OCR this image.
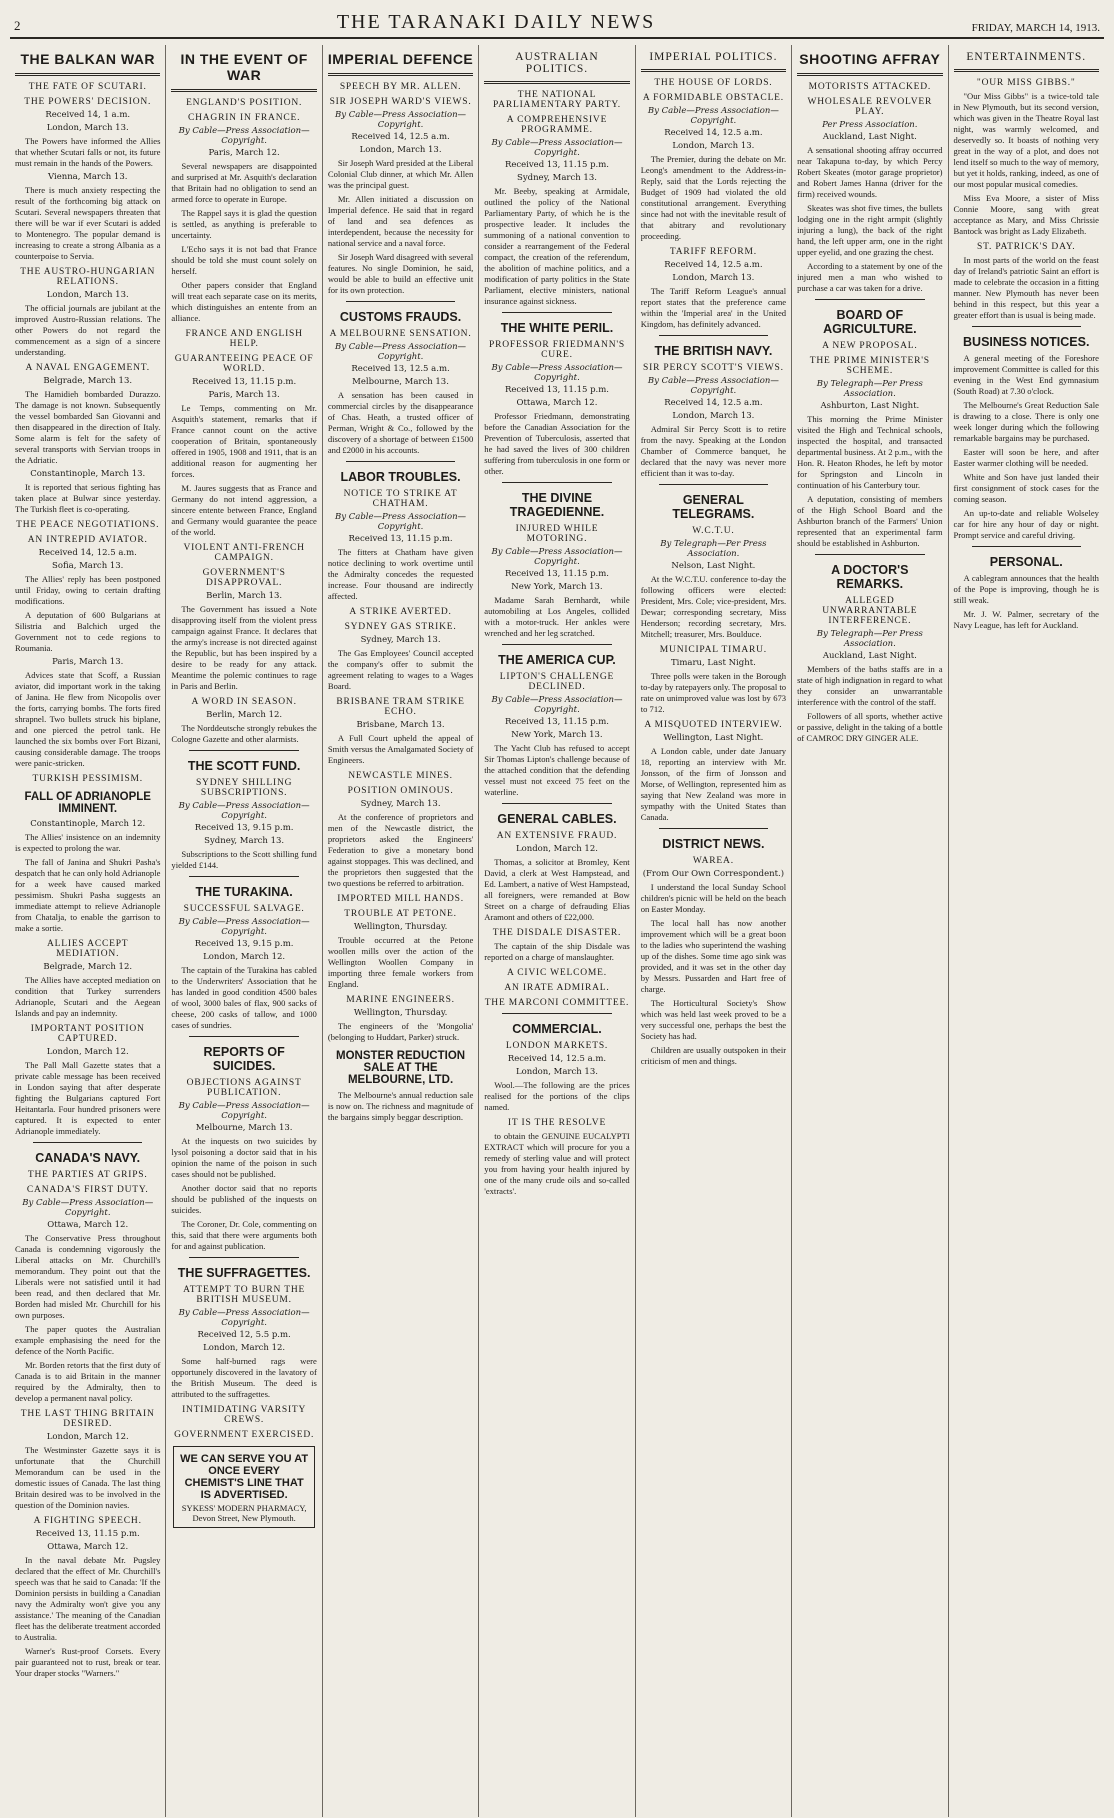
2	THE TARANAKI DAILY NEWS	FRIDAY, MARCH 14, 1913.
THE BALKAN WAR
THE FATE OF SCUTARI.
THE POWERS' DECISION.
Received 14, 1 a.m.
London, March 13.

The Powers have informed the Allies that whether Scutari falls or not, its future must remain in the hands of the Powers.

Vienna, March 13.

There is much anxiety respecting the result of the forthcoming big attack on Scutari. Several newspapers threaten that there will be war if ever Scutari is added to Montenegro. The popular demand is increasing to create a strong Albania as a counterpoise to Servia.

THE AUSTRO-HUNGARIAN RELATIONS.
London, March 13.

The official journals are jubilant at the improved Austro-Russian relations. The other Powers do not regard the commencement as a sign of a sincere understanding.

A NAVAL ENGAGEMENT.
Belgrade, March 13.

The Hamidieh bombarded Durazzo. The damage is not known. Subsequently the vessel bombarded San Giovanni and then disappeared in the direction of Italy. Some alarm is felt for the safety of several transports with Servian troops in the Adriatic.

Constantinople, March 13.

It is reported that serious fighting has taken place at Bulwar since yesterday. The Turkish fleet is co-operating.

THE PEACE NEGOTIATIONS.
AN INTREPID AVIATOR.
Received 14, 12.5 a.m.
Sofia, March 13.

The Allies' reply has been postponed until Friday, owing to certain drafting modifications.

A deputation of 600 Bulgarians at Silistria and Balchich urged the Government not to cede regions to Roumania.

Paris, March 13.

Advices state that Scoff, a Russian aviator, did important work in the taking of Janina. He flew from Nicopolis over the forts, carrying bombs. The forts fired shrapnel. Two bullets struck his biplane, and one pierced the petrol tank. He launched the six bombs over Fort Bizani, causing considerable damage. The troops were panic-stricken.

TURKISH PESSIMISM.
FALL OF ADRIANOPLE IMMINENT.
Constantinople, March 12.

The Allies' insistence on an indemnity is expected to prolong the war.

The fall of Janina and Shukri Pasha's despatch that he can only hold Adrianople for a week have caused marked pessimism. Shukri Pasha suggests an immediate attempt to relieve Adrianople from Chatalja, to enable the garrison to make a sortie.

ALLIES ACCEPT MEDIATION.
Belgrade, March 12.

The Allies have accepted mediation on condition that Turkey surrenders Adrianople, Scutari and the Aegean Islands and pay an indemnity.

IMPORTANT POSITION CAPTURED.
London, March 12.

The Pall Mall Gazette states that a private cable message has been received in London saying that after desperate fighting the Bulgarians captured Fort Heitantarla. Four hundred prisoners were captured. It is expected to enter Adrianople immediately.

CANADA'S NAVY.
THE PARTIES AT GRIPS.
CANADA'S FIRST DUTY.
By Cable—Press Association—Copyright.
Ottawa, March 12.

The Conservative Press throughout Canada is condemning vigorously the Liberal attacks on Mr. Churchill's memorandum. They point out that the Liberals were not satisfied until it had been read, and then declared that Mr. Borden had misled Mr. Churchill for his own purposes.

The paper quotes the Australian example emphasising the need for the defence of the North Pacific.

Mr. Borden retorts that the first duty of Canada is to aid Britain in the manner required by the Admiralty, then to develop a permanent naval policy.

THE LAST THING BRITAIN DESIRED.
London, March 12.

The Westminster Gazette says it is unfortunate that the Churchill Memorandum can be used in the domestic issues of Canada. The last thing Britain desired was to be involved in the question of the Dominion navies.

A FIGHTING SPEECH.
Received 13, 11.15 p.m.
Ottawa, March 12.

In the naval debate Mr. Pugsley declared that the effect of Mr. Churchill's speech was that he said to Canada: 'If the Dominion persists in building a Canadian navy the Admiralty won't give you any assistance.' The meaning of the Canadian fleet has the deliberate treatment accorded to Australia.

Warner's Rust-proof Corsets. Every pair guaranteed not to rust, break or tear. Your draper stocks "Warners."

IN THE EVENT OF WAR
ENGLAND'S POSITION.
CHAGRIN IN FRANCE.
By Cable—Press Association—Copyright.
Paris, March 12.

Several newspapers are disappointed and surprised at Mr. Asquith's declaration that Britain had no obligation to send an armed force to operate in Europe.

The Rappel says it is glad the question is settled, as anything is preferable to uncertainty.

L'Echo says it is not bad that France should be told she must count solely on herself.

Other papers consider that England will treat each separate case on its merits, which distinguishes an entente from an alliance.

FRANCE AND ENGLISH HELP.
GUARANTEEING PEACE OF WORLD.
Received 13, 11.15 p.m.
Paris, March 13.

Le Temps, commenting on Mr. Asquith's statement, remarks that if France cannot count on the active cooperation of Britain, spontaneously offered in 1905, 1908 and 1911, that is an additional reason for augmenting her forces.

M. Jaures suggests that as France and Germany do not intend aggression, a sincere entente between France, England and Germany would guarantee the peace of the world.

VIOLENT ANTI-FRENCH CAMPAIGN.
GOVERNMENT'S DISAPPROVAL.
Berlin, March 13.

The Government has issued a Note disapproving itself from the violent press campaign against France. It declares that the army's increase is not directed against the Republic, but has been inspired by a desire to be ready for any attack. Meantime the polemic continues to rage in Paris and Berlin.

A WORD IN SEASON.
Berlin, March 12.

The Norddeutsche strongly rebukes the Cologne Gazette and other alarmists.

THE SCOTT FUND.
SYDNEY SHILLING SUBSCRIPTIONS.
By Cable—Press Association—Copyright.
Received 13, 9.15 p.m.
Sydney, March 13.

Subscriptions to the Scott shilling fund yielded £144.

THE TURAKINA.
SUCCESSFUL SALVAGE.
By Cable—Press Association—Copyright.
Received 13, 9.15 p.m.
London, March 12.

The captain of the Turakina has cabled to the Underwriters' Association that he has landed in good condition 4500 bales of wool, 3000 bales of flax, 900 sacks of cheese, 200 casks of tallow, and 1000 cases of sundries.

REPORTS OF SUICIDES.
OBJECTIONS AGAINST PUBLICATION.
By Cable—Press Association—Copyright.
Melbourne, March 13.

At the inquests on two suicides by lysol poisoning a doctor said that in his opinion the name of the poison in such cases should not be published.

Another doctor said that no reports should be published of the inquests on suicides.

The Coroner, Dr. Cole, commenting on this, said that there were arguments both for and against publication.

THE SUFFRAGETTES.
ATTEMPT TO BURN THE BRITISH MUSEUM.
By Cable—Press Association—Copyright.
Received 12, 5.5 p.m.
London, March 12.

Some half-burned rags were opportunely discovered in the lavatory of the British Museum. The deed is attributed to the suffragettes.

INTIMIDATING VARSITY CREWS.
GOVERNMENT EXERCISED.
WE CAN SERVE YOU AT ONCE EVERY CHEMIST'S LINE THAT IS ADVERTISED.
SYKESS' MODERN PHARMACY,
Devon Street, New Plymouth.
IMPERIAL DEFENCE
SPEECH BY MR. ALLEN.
SIR JOSEPH WARD'S VIEWS.
By Cable—Press Association—Copyright.
Received 14, 12.5 a.m.
London, March 13.

Sir Joseph Ward presided at the Liberal Colonial Club dinner, at which Mr. Allen was the principal guest.

Mr. Allen initiated a discussion on Imperial defence. He said that in regard of land and sea defences as interdependent, because the necessity for national service and a naval force.

Sir Joseph Ward disagreed with several features. No single Dominion, he said, would be able to build an effective unit for its own protection.

CUSTOMS FRAUDS.
A MELBOURNE SENSATION.
By Cable—Press Association—Copyright.
Received 13, 12.5 a.m.
Melbourne, March 13.

A sensation has been caused in commercial circles by the disappearance of Chas. Heath, a trusted officer of Perman, Wright & Co., followed by the discovery of a shortage of between £1500 and £2000 in his accounts.

LABOR TROUBLES.
NOTICE TO STRIKE AT CHATHAM.
By Cable—Press Association—Copyright.
Received 13, 11.15 p.m.

The fitters at Chatham have given notice declining to work overtime until the Admiralty concedes the requested increase. Four thousand are indirectly affected.

A STRIKE AVERTED.
SYDNEY GAS STRIKE.
Sydney, March 13.

The Gas Employees' Council accepted the company's offer to submit the agreement relating to wages to a Wages Board.

BRISBANE TRAM STRIKE ECHO.
Brisbane, March 13.

A Full Court upheld the appeal of Smith versus the Amalgamated Society of Engineers.

NEWCASTLE MINES.
POSITION OMINOUS.
Sydney, March 13.

At the conference of proprietors and men of the Newcastle district, the proprietors asked the Engineers' Federation to give a monetary bond against stoppages. This was declined, and the proprietors then suggested that the two questions be referred to arbitration.

IMPORTED MILL HANDS.
TROUBLE AT PETONE.
Wellington, Thursday.

Trouble occurred at the Petone woollen mills over the action of the Wellington Woollen Company in importing three female workers from England.

MARINE ENGINEERS.
Wellington, Thursday.

The engineers of the 'Mongolia' (belonging to Huddart, Parker) struck.

MONSTER REDUCTION SALE AT THE MELBOURNE, LTD.

The Melbourne's annual reduction sale is now on. The richness and magnitude of the bargains simply beggar description.

AUSTRALIAN POLITICS.
THE NATIONAL PARLIAMENTARY PARTY.
A COMPREHENSIVE PROGRAMME.
By Cable—Press Association—Copyright.
Received 13, 11.15 p.m.
Sydney, March 13.

Mr. Beeby, speaking at Armidale, outlined the policy of the National Parliamentary Party, of which he is the prospective leader. It includes the summoning of a national convention to consider a rearrangement of the Federal compact, the creation of the referendum, the abolition of machine politics, and a modification of party politics in the State Parliament, elective ministers, national insurance against sickness.

THE WHITE PERIL.
PROFESSOR FRIEDMANN'S CURE.
By Cable—Press Association—Copyright.
Received 13, 11.15 p.m.
Ottawa, March 12.

Professor Friedmann, demonstrating before the Canadian Association for the Prevention of Tuberculosis, asserted that he had saved the lives of 300 children suffering from tuberculosis in one form or other.

THE DIVINE TRAGEDIENNE.
INJURED WHILE MOTORING.
By Cable—Press Association—Copyright.
Received 13, 11.15 p.m.
New York, March 13.

Madame Sarah Bernhardt, while automobiling at Los Angeles, collided with a motor-truck. Her ankles were wrenched and her leg scratched.

THE AMERICA CUP.
LIPTON'S CHALLENGE DECLINED.
By Cable—Press Association—Copyright.
Received 13, 11.15 p.m.
New York, March 13.

The Yacht Club has refused to accept Sir Thomas Lipton's challenge because of the attached condition that the defending vessel must not exceed 75 feet on the waterline.

GENERAL CABLES.
AN EXTENSIVE FRAUD.
London, March 12.

Thomas, a solicitor at Bromley, Kent David, a clerk at West Hampstead, and Ed. Lambert, a native of West Hampstead, all foreigners, were remanded at Bow Street on a charge of defrauding Elias Aramont and others of £22,000.

THE DISDALE DISASTER.

The captain of the ship Disdale was reported on a charge of manslaughter.

A CIVIC WELCOME.
AN IRATE ADMIRAL.
THE MARCONI COMMITTEE.
COMMERCIAL.
LONDON MARKETS.
Received 14, 12.5 a.m.
London, March 13.

Wool.—The following are the prices realised for the portions of the clips named.

IT IS THE RESOLVE

to obtain the GENUINE EUCALYPTI EXTRACT which will procure for you a remedy of sterling value and will protect you from having your health injured by one of the many crude oils and so-called 'extracts'.

IMPERIAL POLITICS.
THE HOUSE OF LORDS.
A FORMIDABLE OBSTACLE.
By Cable—Press Association—Copyright.
Received 14, 12.5 a.m.
London, March 13.

The Premier, during the debate on Mr. Leong's amendment to the Address-in-Reply, said that the Lords rejecting the Budget of 1909 had violated the old constitutional arrangement. Everything since had not with the inevitable result of that abitrary and revolutionary proceeding.

TARIFF REFORM.
Received 14, 12.5 a.m.
London, March 13.

The Tariff Reform League's annual report states that the preference came within the 'Imperial area' in the United Kingdom, has definitely advanced.

THE BRITISH NAVY.
SIR PERCY SCOTT'S VIEWS.
By Cable—Press Association—Copyright.
Received 14, 12.5 a.m.
London, March 13.

Admiral Sir Percy Scott is to retire from the navy. Speaking at the London Chamber of Commerce banquet, he declared that the navy was never more efficient than it was to-day.

GENERAL TELEGRAMS.
W.C.T.U.
By Telegraph—Per Press Association.
Nelson, Last Night.

At the W.C.T.U. conference to-day the following officers were elected: President, Mrs. Cole; vice-president, Mrs. Dewar; corresponding secretary, Miss Henderson; recording secretary, Mrs. Mitchell; treasurer, Mrs. Boulduce.

MUNICIPAL TIMARU.
Timaru, Last Night.

Three polls were taken in the Borough to-day by ratepayers only. The proposal to rate on unimproved value was lost by 673 to 712.

A MISQUOTED INTERVIEW.
Wellington, Last Night.

A London cable, under date January 18, reporting an interview with Mr. Jonsson, of the firm of Jonsson and Morse, of Wellington, represented him as saying that New Zealand was more in sympathy with the United States than Canada.

DISTRICT NEWS.
WAREA.
(From Our Own Correspondent.)

I understand the local Sunday School children's picnic will be held on the beach on Easter Monday.

The local hall has now another improvement which will be a great boon to the ladies who superintend the washing up of the dishes. Some time ago sink was provided, and it was set in the other day by Messrs. Pussarden and Hart free of charge.

The Horticultural Society's Show which was held last week proved to be a very successful one, perhaps the best the Society has had.

Children are usually outspoken in their criticism of men and things.

SHOOTING AFFRAY
MOTORISTS ATTACKED.
WHOLESALE REVOLVER PLAY.
Per Press Association.
Auckland, Last Night.

A sensational shooting affray occurred near Takapuna to-day, by which Percy Robert Skeates (motor garage proprietor) and Robert James Hanna (driver for the firm) received wounds.

Skeates was shot five times, the bullets lodging one in the right armpit (slightly injuring a lung), the back of the right hand, the left upper arm, one in the right upper eyelid, and one grazing the chest.

According to a statement by one of the injured men a man who wished to purchase a car was taken for a drive.

BOARD OF AGRICULTURE.
A NEW PROPOSAL.
THE PRIME MINISTER'S SCHEME.
By Telegraph—Per Press Association.
Ashburton, Last Night.

This morning the Prime Minister visited the High and Technical schools, inspected the hospital, and transacted departmental business. At 2 p.m., with the Hon. R. Heaton Rhodes, he left by motor for Springston and Lincoln in continuation of his Canterbury tour.

A deputation, consisting of members of the High School Board and the Ashburton branch of the Farmers' Union represented that an experimental farm should be established in Ashburton.

A DOCTOR'S REMARKS.
ALLEGED UNWARRANTABLE INTERFERENCE.
By Telegraph—Per Press Association.
Auckland, Last Night.

Members of the baths staffs are in a state of high indignation in regard to what they consider an unwarrantable interference with the control of the staff.

Followers of all sports, whether active or passive, delight in the taking of a bottle of CAMROC DRY GINGER ALE.

ENTERTAINMENTS.
"OUR MISS GIBBS."

"Our Miss Gibbs" is a twice-told tale in New Plymouth, but its second version, which was given in the Theatre Royal last night, was warmly welcomed, and deservedly so. It boasts of nothing very great in the way of a plot, and does not lend itself so much to the way of memory, but yet it holds, ranking, indeed, as one of our most popular musical comedies.

Miss Eva Moore, a sister of Miss Connie Moore, sang with great acceptance as Mary, and Miss Chrissie Bantock was bright as Lady Elizabeth.

ST. PATRICK'S DAY.

In most parts of the world on the feast day of Ireland's patriotic Saint an effort is made to celebrate the occasion in a fitting manner. New Plymouth has never been behind in this respect, but this year a greater effort than is usual is being made.

BUSINESS NOTICES.

A general meeting of the Foreshore improvement Committee is called for this evening in the West End gymnasium (South Road) at 7.30 o'clock.

The Melbourne's Great Reduction Sale is drawing to a close. There is only one week longer during which the following remarkable bargains may be purchased.

Easter will soon be here, and after Easter warmer clothing will be needed.

White and Son have just landed their first consignment of stock cases for the coming season.

An up-to-date and reliable Wolseley car for hire any hour of day or night. Prompt service and careful driving.

PERSONAL.

A cablegram announces that the health of the Pope is improving, though he is still weak.

Mr. J. W. Palmer, secretary of the Navy League, has left for Auckland.
